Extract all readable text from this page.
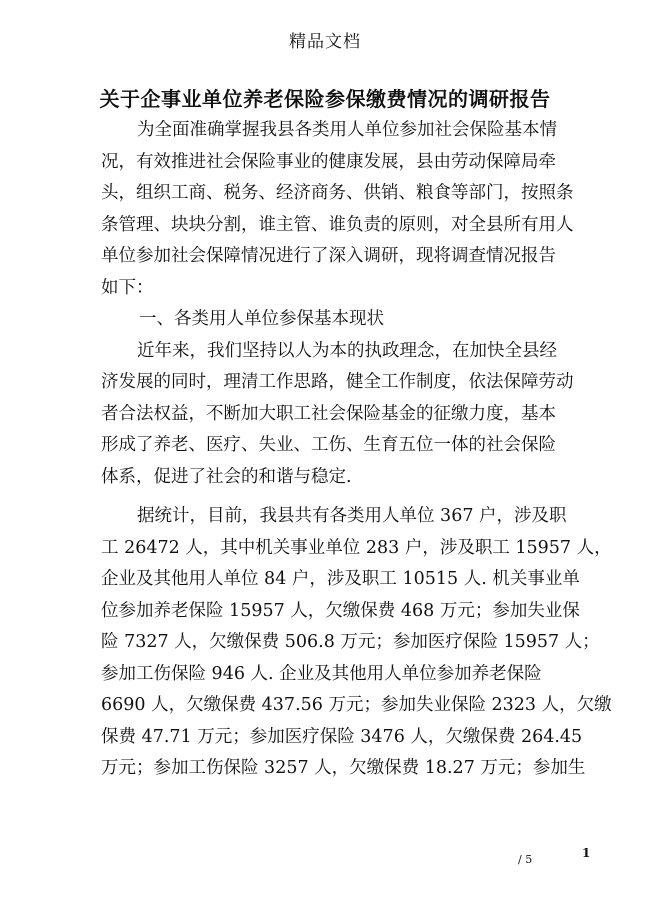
精品文档
关于企事业单位养老保险参保缴费情况的调研报告
为全面准确掌握我县各类用人单位参加社会保险基本情
况，有效推进社会保险事业的健康发展，县由劳动保障局牵
头，组织工商、税务、经济商务、供销、粮食等部门，按照条
条管理、块块分割，谁主管、谁负责的原则，对全县所有用人
单位参加社会保障情况进行了深入调研，现将调查情况报告
如下：
一、各类用人单位参保基本现状
近年来，我们坚持以人为本的执政理念，在加快全县经
济发展的同时，理清工作思路，健全工作制度，依法保障劳动
者合法权益，不断加大职工社会保险基金的征缴力度，基本
形成了养老、医疗、失业、工伤、生育五位一体的社会保险
体系，促进了社会的和谐与稳定.
据统计，目前，我县共有各类用人单位 367 户，涉及职
工 26472 人，其中机关事业单位 283 户，涉及职工 15957 人，
企业及其他用人单位 84 户，涉及职工 10515 人. 机关事业单
位参加养老保险 15957 人，欠缴保费 468 万元；参加失业保
险 7327 人，欠缴保费 506.8 万元；参加医疗保险 15957 人；
参加工伤保险 946 人. 企业及其他用人单位参加养老保险
6690 人，欠缴保费 437.56 万元；参加失业保险 2323 人，欠缴
保费 47.71 万元；参加医疗保险 3476 人，欠缴保费 264.45
万元；参加工伤保险 3257 人，欠缴保费 18.27 万元；参加生
1
/ 5
